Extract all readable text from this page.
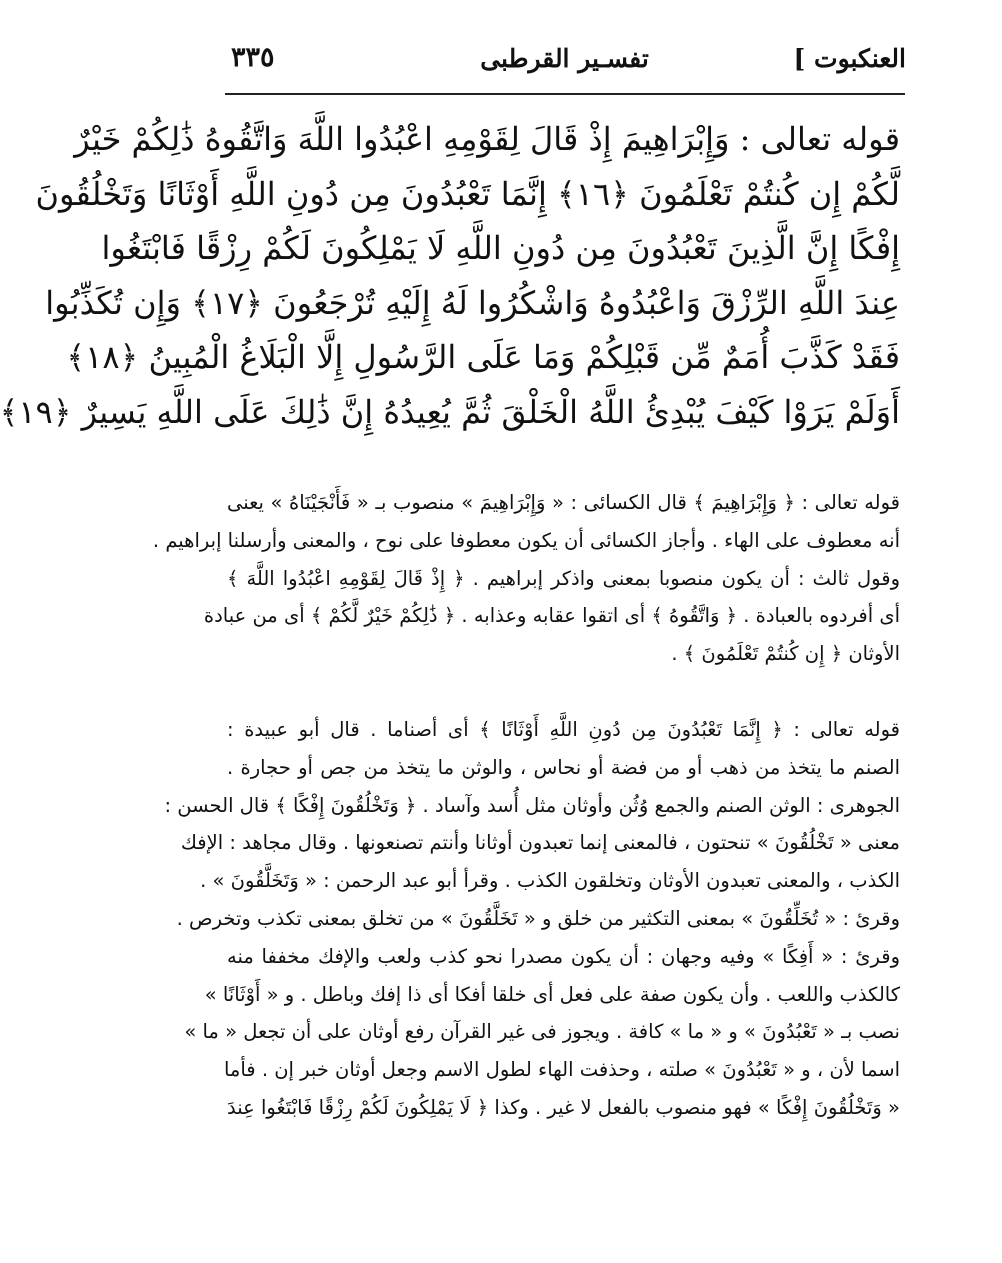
العنكبوت ]
تفسـير القرطبى
٣٣٥
قوله تعالى : وَإِبْرَاهِيمَ إِذْ قَالَ لِقَوْمِهِ اعْبُدُوا اللَّهَ وَاتَّقُوهُ ذَٰلِكُمْ خَيْرٌ
لَّكُمْ إِن كُنتُمْ تَعْلَمُونَ ﴿١٦﴾ إِنَّمَا تَعْبُدُونَ مِن دُونِ اللَّهِ أَوْثَانًا وَتَخْلُقُونَ
إِفْكًا إِنَّ الَّذِينَ تَعْبُدُونَ مِن دُونِ اللَّهِ لَا يَمْلِكُونَ لَكُمْ رِزْقًا فَابْتَغُوا
عِندَ اللَّهِ الرِّزْقَ وَاعْبُدُوهُ وَاشْكُرُوا لَهُ إِلَيْهِ تُرْجَعُونَ ﴿١٧﴾ وَإِن تُكَذِّبُوا
فَقَدْ كَذَّبَ أُمَمٌ مِّن قَبْلِكُمْ وَمَا عَلَى الرَّسُولِ إِلَّا الْبَلَاغُ الْمُبِينُ ﴿١٨﴾
أَوَلَمْ يَرَوْا كَيْفَ يُبْدِئُ اللَّهُ الْخَلْقَ ثُمَّ يُعِيدُهُ إِنَّ ذَٰلِكَ عَلَى اللَّهِ يَسِيرٌ ﴿١٩﴾
قوله تعالى : ﴿ وَإِبْرَاهِيمَ ﴾ قال الكسائى : « وَإِبْرَاهِيمَ » منصوب بـ « فَأَنْجَيْنَاهُ » يعنى
أنه معطوف على الهاء . وأجاز الكسائى أن يكون معطوفا على نوح ، والمعنى وأرسلنا إبراهيم .
وقول ثالث : أن يكون منصوبا بمعنى واذكر إبراهيم . ﴿ إِذْ قَالَ لِقَوْمِهِ اعْبُدُوا اللَّهَ ﴾
أى أفردوه بالعبادة . ﴿ وَاتَّقُوهُ ﴾ أى اتقوا عقابه وعذابه . ﴿ ذَٰلِكُمْ خَيْرٌ لَّكُمْ ﴾ أى من عبادة
الأوثان ﴿ إِن كُنتُمْ تَعْلَمُونَ ﴾ .
قوله تعالى : ﴿ إِنَّمَا تَعْبُدُونَ مِن دُونِ اللَّهِ أَوْثَانًا ﴾ أى أصناما . قال أبو عبيدة :
الصنم ما يتخذ من ذهب أو من فضة أو نحاس ، والوثن ما يتخذ من جص أو حجارة .
الجوهرى : الوثن الصنم والجمع وُثُن وأوثان مثل أُسد وآساد . ﴿ وَتَخْلُقُونَ إِفْكًا ﴾ قال الحسن :
معنى « تَخْلُقُونَ » تنحتون ، فالمعنى إنما تعبدون أوثانا وأنتم تصنعونها . وقال مجاهد : الإفك
الكذب ، والمعنى تعبدون الأوثان وتخلقون الكذب . وقرأ أبو عبد الرحمن : « وَتَخَلَّقُونَ » .
وقرئ : « تُخَلِّقُونَ » بمعنى التكثير من خلق و « تَخَلَّقُونَ » من تخلق بمعنى تكذب وتخرص .
وقرئ : « أَفِكًا » وفيه وجهان : أن يكون مصدرا نحو كذب ولعب والإفك مخففا منه
كالكذب واللعب . وأن يكون صفة على فعل أى خلقا أفكا أى ذا إفك وباطل . و « أَوْثَانًا »
نصب بـ « تَعْبُدُونَ » و « ما » كافة . ويجوز فى غير القرآن رفع أوثان على أن تجعل « ما »
اسما لأن ، و « تَعْبُدُونَ » صلته ، وحذفت الهاء لطول الاسم وجعل أوثان خبر إن . فأما
« وَتَخْلُقُونَ إِفْكًا » فهو منصوب بالفعل لا غير . وكذا ﴿ لَا يَمْلِكُونَ لَكُمْ رِزْقًا فَابْتَغُوا عِندَ
